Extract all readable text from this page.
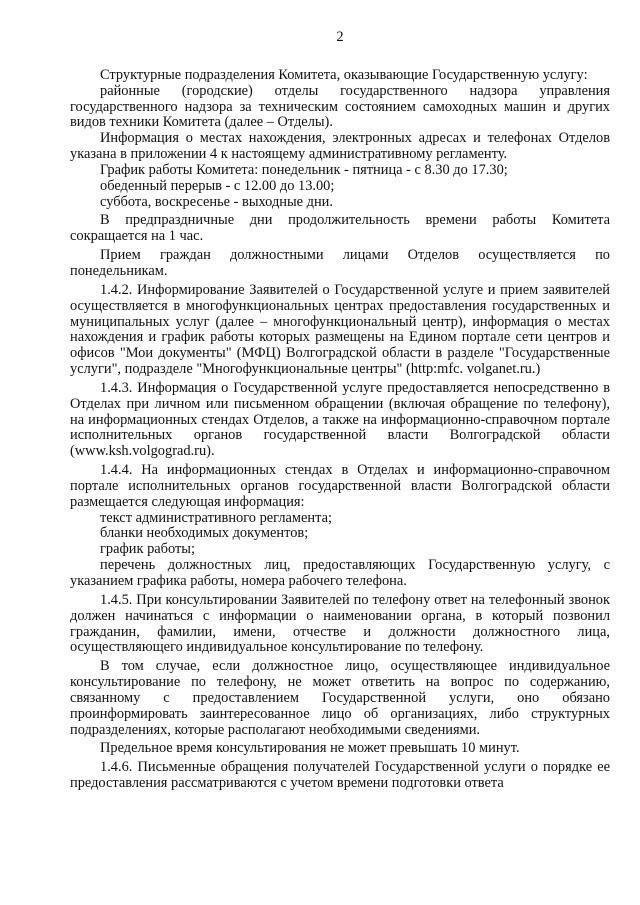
2

Структурные подразделения Комитета, оказывающие Государственную услугу:

районные (городские) отделы государственного надзора управления государственного надзора за техническим состоянием самоходных машин и других видов техники Комитета (далее – Отделы).

Информация о местах нахождения, электронных адресах и телефонах Отделов указана в приложении 4 к настоящему административному регламенту.

График работы Комитета: понедельник - пятница - с 8.30 до 17.30;

обеденный перерыв - с 12.00 до 13.00;

суббота, воскресенье - выходные дни.

В предпраздничные дни продолжительность времени работы Комитета сокращается на 1 час.

Прием граждан должностными лицами Отделов осуществляется по понедельникам.

1.4.2. Информирование Заявителей о Государственной услуге и прием заявителей осуществляется в многофункциональных центрах предоставления государственных и муниципальных услуг (далее – многофункциональный центр), информация о местах нахождения и график работы которых размещены на Едином портале сети центров и офисов "Мои документы" (МФЦ) Волгоградской области в разделе "Государственные услуги", подразделе "Многофункциональные центры" (http:mfc. volganet.ru.)

1.4.3. Информация о Государственной услуге предоставляется непосредственно в Отделах при личном или письменном обращении (включая обращение по телефону), на информационных стендах Отделов, а также на информационно-справочном портале исполнительных органов государственной власти Волгоградской области (www.ksh.volgograd.ru).

1.4.4. На информационных стендах в Отделах и информационно-справочном портале исполнительных органов государственной власти Волгоградской области размещается следующая информация:

текст административного регламента;

бланки необходимых документов;

график работы;

перечень должностных лиц, предоставляющих Государственную услугу, с указанием графика работы, номера рабочего телефона.

1.4.5. При консультировании Заявителей по телефону ответ на телефонный звонок должен начинаться с информации о наименовании органа, в который позвонил гражданин, фамилии, имени, отчестве и должности должностного лица, осуществляющего индивидуальное консультирование по телефону.

В том случае, если должностное лицо, осуществляющее индивидуальное консультирование по телефону, не может ответить на вопрос по содержанию, связанному с предоставлением Государственной услуги, оно обязано проинформировать заинтересованное лицо об организациях, либо структурных подразделениях, которые располагают необходимыми сведениями.

Предельное время консультирования не может превышать 10 минут.

1.4.6. Письменные обращения получателей Государственной услуги о порядке ее предоставления рассматриваются с учетом времени подготовки ответа
